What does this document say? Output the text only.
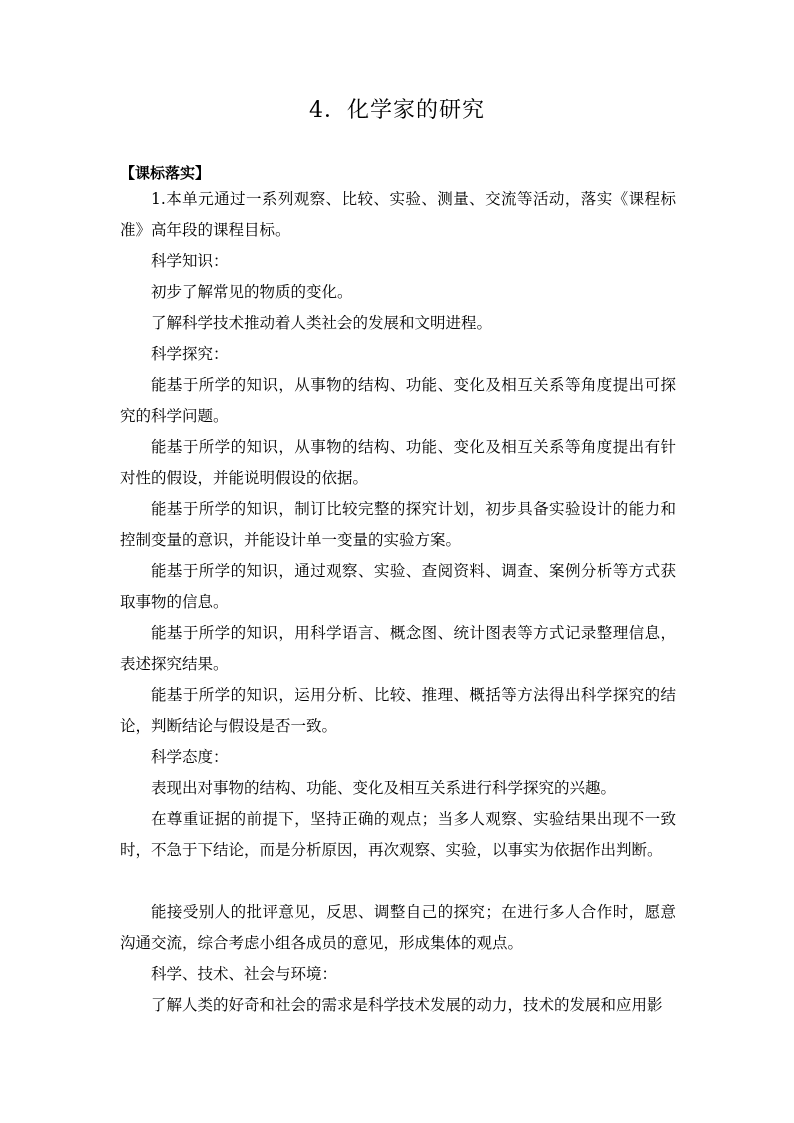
4．化学家的研究
【课标落实】

1.本单元通过一系列观察、比较、实验、测量、交流等活动，落实《课程标准》高年段的课程目标。

科学知识：

初步了解常见的物质的变化。

了解科学技术推动着人类社会的发展和文明进程。

科学探究：

能基于所学的知识，从事物的结构、功能、变化及相互关系等角度提出可探究的科学问题。

能基于所学的知识，从事物的结构、功能、变化及相互关系等角度提出有针对性的假设，并能说明假设的依据。

能基于所学的知识，制订比较完整的探究计划，初步具备实验设计的能力和控制变量的意识，并能设计单一变量的实验方案。

能基于所学的知识，通过观察、实验、查阅资料、调查、案例分析等方式获取事物的信息。

能基于所学的知识，用科学语言、概念图、统计图表等方式记录整理信息，表述探究结果。

能基于所学的知识，运用分析、比较、推理、概括等方法得出科学探究的结论，判断结论与假设是否一致。

科学态度：

表现出对事物的结构、功能、变化及相互关系进行科学探究的兴趣。

在尊重证据的前提下，坚持正确的观点；当多人观察、实验结果出现不一致时，不急于下结论，而是分析原因，再次观察、实验，以事实为依据作出判断。

能接受别人的批评意见，反思、调整自己的探究；在进行多人合作时，愿意沟通交流，综合考虑小组各成员的意见，形成集体的观点。

科学、技术、社会与环境：

了解人类的好奇和社会的需求是科学技术发展的动力，技术的发展和应用影
